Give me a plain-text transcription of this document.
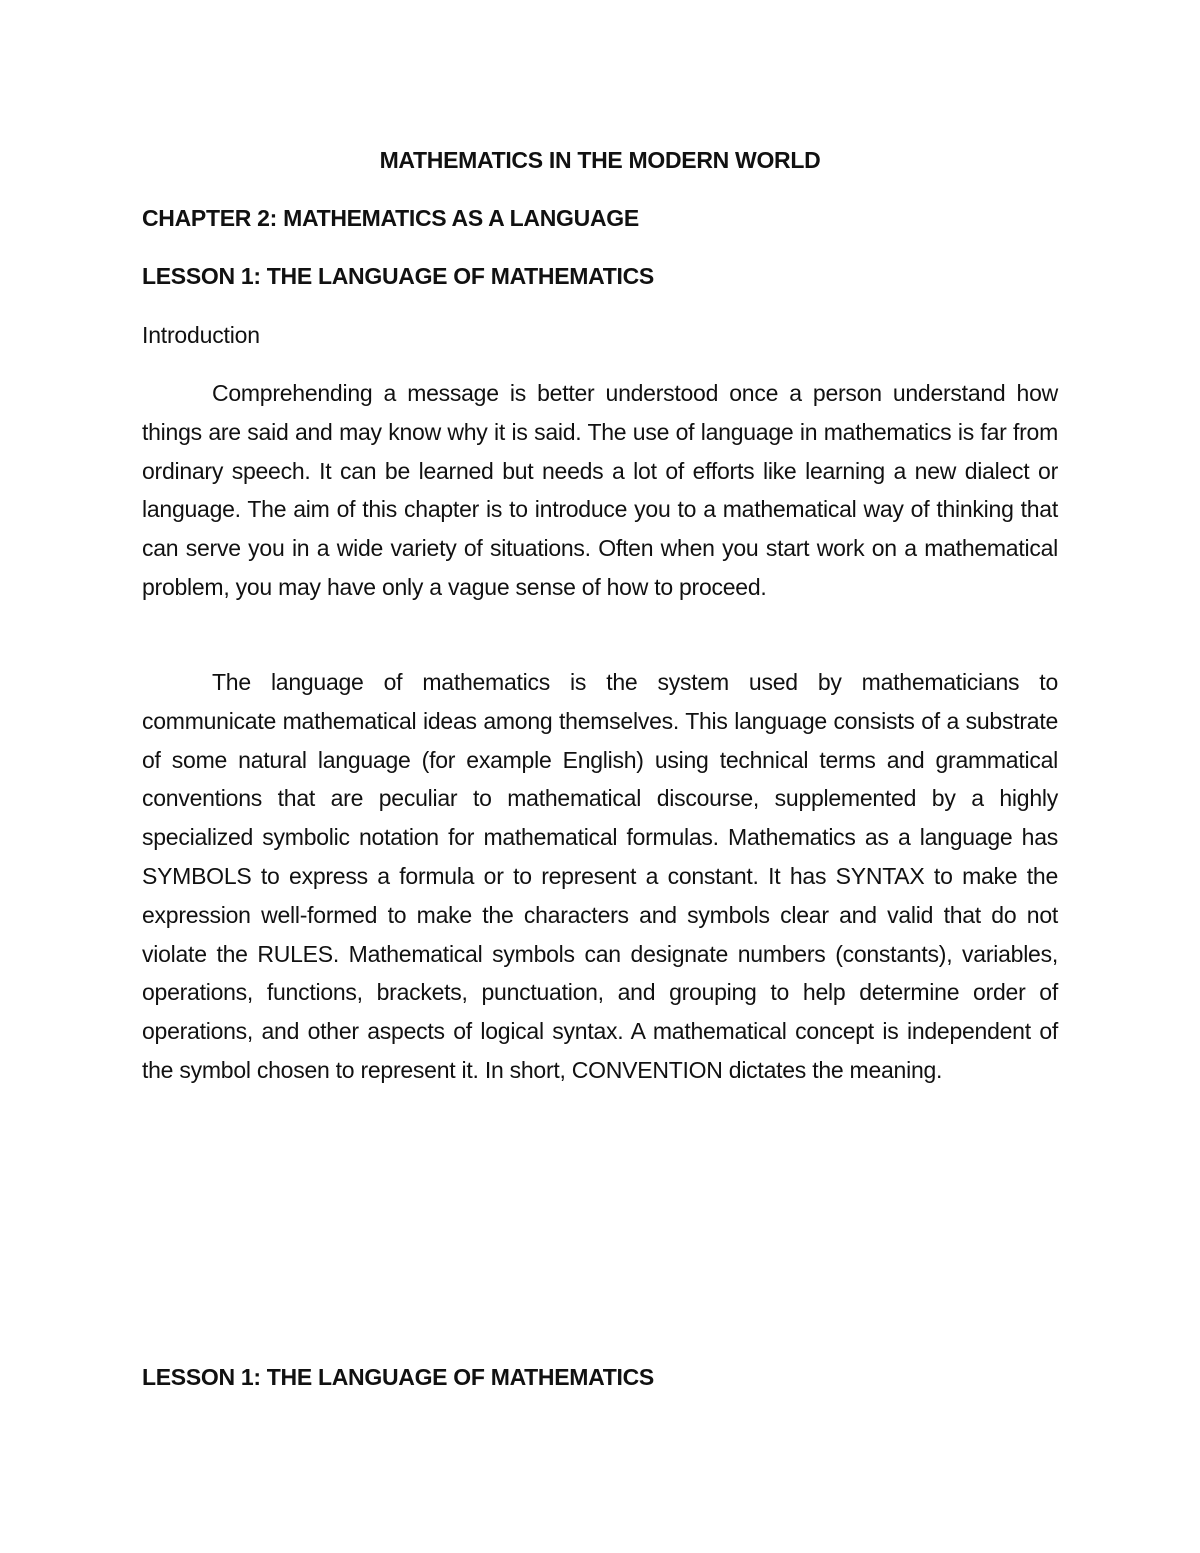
MATHEMATICS IN THE MODERN WORLD
CHAPTER 2: MATHEMATICS AS A LANGUAGE
LESSON 1: THE LANGUAGE OF MATHEMATICS
Introduction

Comprehending a message is better understood once a person understand how things are said and may know why it is said. The use of language in mathematics is far from ordinary speech. It can be learned but needs a lot of efforts like learning a new dialect or language. The aim of this chapter is to introduce you to a mathematical way of thinking that can serve you in a wide variety of situations. Often when you start work on a mathematical problem, you may have only a vague sense of how to proceed.

The language of mathematics is the system used by mathematicians to communicate mathematical ideas among themselves. This language consists of a substrate of some natural language (for example English) using technical terms and grammatical conventions that are peculiar to mathematical discourse, supplemented by a highly specialized symbolic notation for mathematical formulas. Mathematics as a language has SYMBOLS to express a formula or to represent a constant. It has SYNTAX to make the expression well-formed to make the characters and symbols clear and valid that do not violate the RULES. Mathematical symbols can designate numbers (constants), variables, operations, functions, brackets, punctuation, and grouping to help determine order of operations, and other aspects of logical syntax. A mathematical concept is independent of the symbol chosen to represent it. In short, CONVENTION dictates the meaning.

LESSON 1: THE LANGUAGE OF MATHEMATICS
